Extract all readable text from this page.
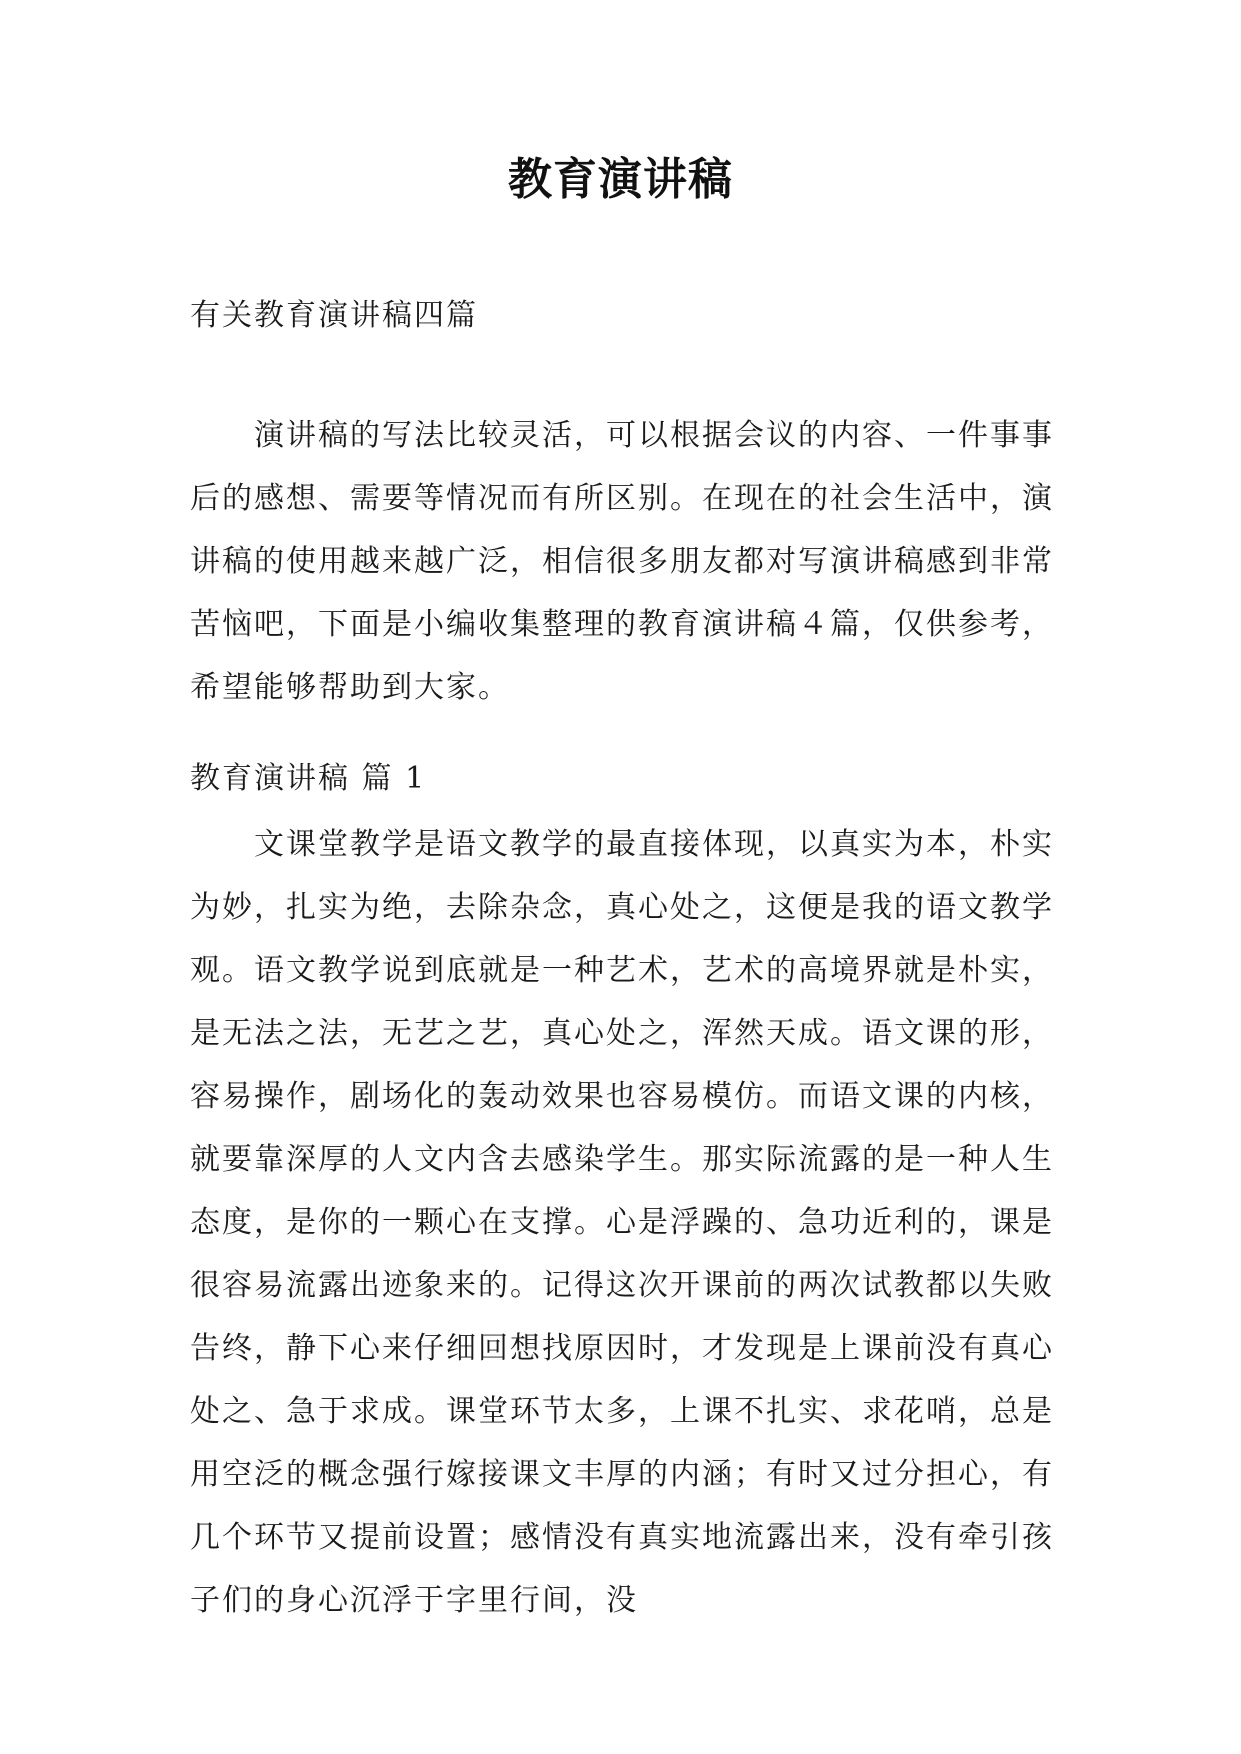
教育演讲稿
有关教育演讲稿四篇

演讲稿的写法比较灵活，可以根据会议的内容、一件事事后的感想、需要等情况而有所区别。在现在的社会生活中，演讲稿的使用越来越广泛，相信很多朋友都对写演讲稿感到非常苦恼吧，下面是小编收集整理的教育演讲稿４篇，仅供参考，希望能够帮助到大家。

教育演讲稿 篇 1

文课堂教学是语文教学的最直接体现，以真实为本，朴实为妙，扎实为绝，去除杂念，真心处之，这便是我的语文教学观。语文教学说到底就是一种艺术，艺术的高境界就是朴实，是无法之法，无艺之艺，真心处之，浑然天成。语文课的形，容易操作，剧场化的轰动效果也容易模仿。而语文课的内核，就要靠深厚的人文内含去感染学生。那实际流露的是一种人生态度，是你的一颗心在支撑。心是浮躁的、急功近利的，课是很容易流露出迹象来的。记得这次开课前的两次试教都以失败告终，静下心来仔细回想找原因时，才发现是上课前没有真心处之、急于求成。课堂环节太多，上课不扎实、求花哨，总是用空泛的概念强行嫁接课文丰厚的内涵；有时又过分担心，有几个环节又提前设置；感情没有真实地流露出来，没有牵引孩子们的身心沉浮于字里行间，没
